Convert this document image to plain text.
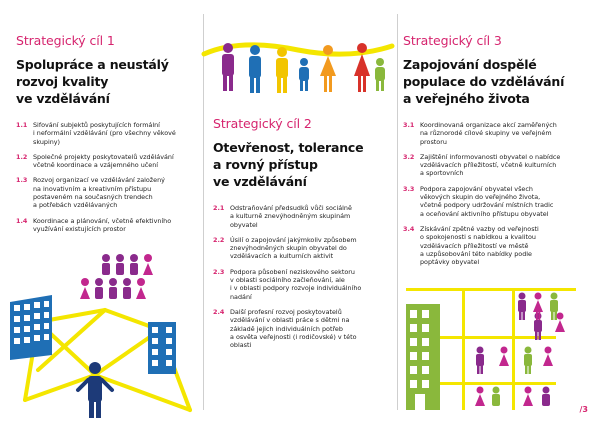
Strategický cíl 1
Spolupráce a neustálý
rozvoj kvality
ve vzdělávání
1.1 Sifování subjektů poskytujících formální
i neformální vzdělávání (pro všechny věkové
skupiny)
1.2 Společné projekty poskytovatelů vzdělávání
včetně koordinace a vzájemného učení
1.3 Rozvoj organizací ve vzdělávání založený
na inovativním a kreativním přístupu
postaveném na současných trendech
a potřebách vzdělávaných
1.4 Koordinace a plánování, včetně efektivního
využívání existujících prostor
Strategický cíl 2
Otevřenost, tolerance
a rovný přístup
ve vzdělávání
2.1 Odstraňování předsudků vůči sociálně
a kulturně znevýhodněným skupinám
obyvatel
2.2 Úsilí o zapojování jakýmkoliv způsobem
znevýhodněných skupin obyvatel do
vzdělávacích a kulturních aktivit
2.3 Podpora působení neziskového sektoru
v oblasti sociálního začleňování, ale
i v oblasti podpory rozvoje individuálního
nadání
2.4 Další profesní rozvoj poskytovatelů
vzdělávání v oblasti práce s dětmi na
základě jejich individuálních potřeb
a osvěta veřejnosti (i rodičovské) v této
oblasti
Strategický cíl 3
Zapojování dospělé
populace do vzdělávání
a veřejného života
3.1 Koordinovaná organizace akcí zaměřených
na různorodé cílové skupiny ve veřejném
prostoru
3.2 Zajištění informovanosti obyvatel o nabídce
vzdělávacích příležitostí, včetně kulturních
a sportovních
3.3 Podpora zapojování obyvatel všech
věkových skupin do veřejného života,
včetně podpory udržování místních tradic
a oceňování aktivního přístupu obyvatel
3.4 Získávání zpětné vazby od veřejnosti
o spokojenosti s nabídkou a kvalitou
vzdělávacích příležitostí ve městě
a uzpůsobování této nabídky podle
poptávky obyvatel
/3
